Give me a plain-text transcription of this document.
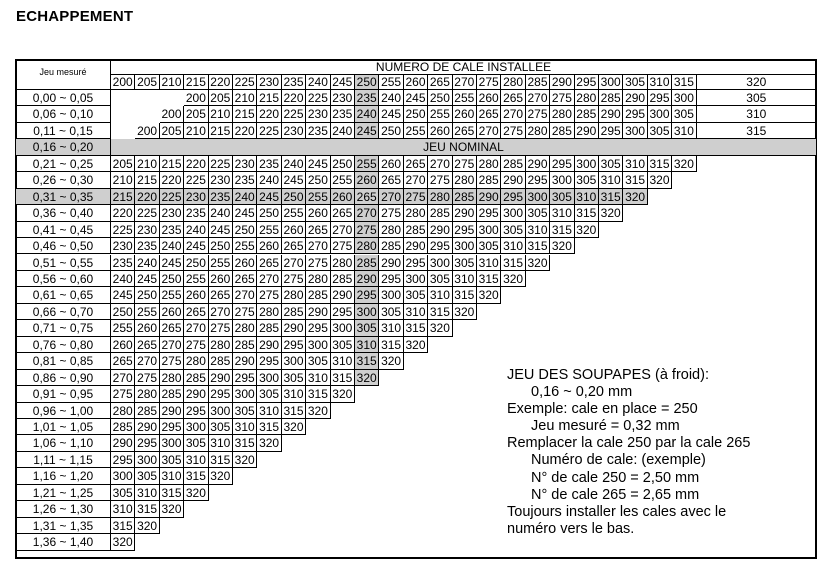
ECHAPPEMENT
Jeu mesuré	NUMERO DE CALE INSTALLEE
200 205 210 215 220 225 230 235 240 245 250 255 260 265 270 275 280 285 290 295 300 305 310 315	320
0,00 ~ 0,05	200 205 210 215 220 225 230 235 240 245 250 255 260 265 270 275 280 285 290 295 300	305
0,06 ~ 0,10	200 205 210 215 220 225 230 235 240 245 250 255 260 265 270 275 280 285 290 295 300 305	310
0,11 ~ 0,15	200 205 210 215 220 225 230 235 240 245 250 255 260 265 270 275 280 285 290 295 300 305 310	315
0,16 ~ 0,20	JEU NOMINAL
0,21 ~ 0,25	205 210 215 220 225 230 235 240 245 250 255 260 265 270 275 280 285 290 295 300 305 310 315 320
0,26 ~ 0,30	210 215 220 225 230 235 240 245 250 255 260 265 270 275 280 285 290 295 300 305 310 315 320
0,31 ~ 0,35	215 220 225 230 235 240 245 250 255 260 265 270 275 280 285 290 295 300 305 310 315 320
0,36 ~ 0,40	220 225 230 235 240 245 250 255 260 265 270 275 280 285 290 295 300 305 310 315 320
0,41 ~ 0,45	225 230 235 240 245 250 255 260 265 270 275 280 285 290 295 300 305 310 315 320
0,46 ~ 0,50	230 235 240 245 250 255 260 265 270 275 280 285 290 295 300 305 310 315 320
0,51 ~ 0,55	235 240 245 250 255 260 265 270 275 280 285 290 295 300 305 310 315 320
0,56 ~ 0,60	240 245 250 255 260 265 270 275 280 285 290 295 300 305 310 315 320
0,61 ~ 0,65	245 250 255 260 265 270 275 280 285 290 295 300 305 310 315 320
0,66 ~ 0,70	250 255 260 265 270 275 280 285 290 295 300 305 310 315 320
0,71 ~ 0,75	255 260 265 270 275 280 285 290 295 300 305 310 315 320
0,76 ~ 0,80	260 265 270 275 280 285 290 295 300 305 310 315 320
0,81 ~ 0,85	265 270 275 280 285 290 295 300 305 310 315 320
0,86 ~ 0,90	270 275 280 285 290 295 300 305 310 315 320
0,91 ~ 0,95	275 280 285 290 295 300 305 310 315 320
0,96 ~ 1,00	280 285 290 295 300 305 310 315 320
1,01 ~ 1,05	285 290 295 300 305 310 315 320
1,06 ~ 1,10	290 295 300 305 310 315 320
1,11 ~ 1,15	295 300 305 310 315 320
1,16 ~ 1,20	300 305 310 315 320
1,21 ~ 1,25	305 310 315 320
1,26 ~ 1,30	310 315 320
1,31 ~ 1,35	315 320
1,36 ~ 1,40	320
JEU DES SOUPAPES (à froid):
0,16 ~ 0,20 mm
Exemple: cale en place = 250
Jeu mesuré = 0,32 mm
Remplacer la cale 250 par la cale 265
Numéro de cale: (exemple)
N° de cale 250 = 2,50 mm
N° de cale 265 = 2,65 mm
Toujours installer les cales avec le
numéro vers le bas.
